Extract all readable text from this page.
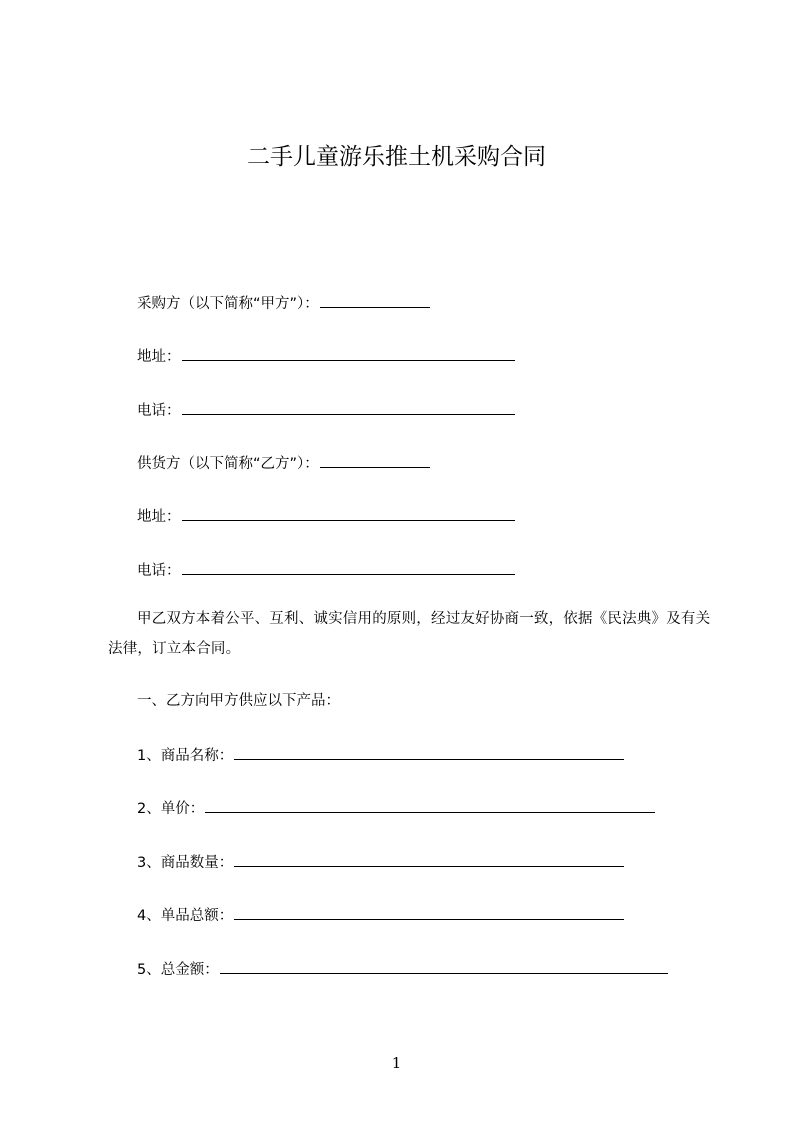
二手儿童游乐推土机采购合同
采购方（以下简称“甲方”）：
地址：
电话：
供货方（以下简称“乙方”）：
地址：
电话：
甲乙双方本着公平、互利、诚实信用的原则，经过友好协商一致，依据《民法典》及有关法律，订立本合同。
一、乙方向甲方供应以下产品：
1、商品名称：
2、单价：
3、商品数量：
4、单品总额：
5、总金额：
1
